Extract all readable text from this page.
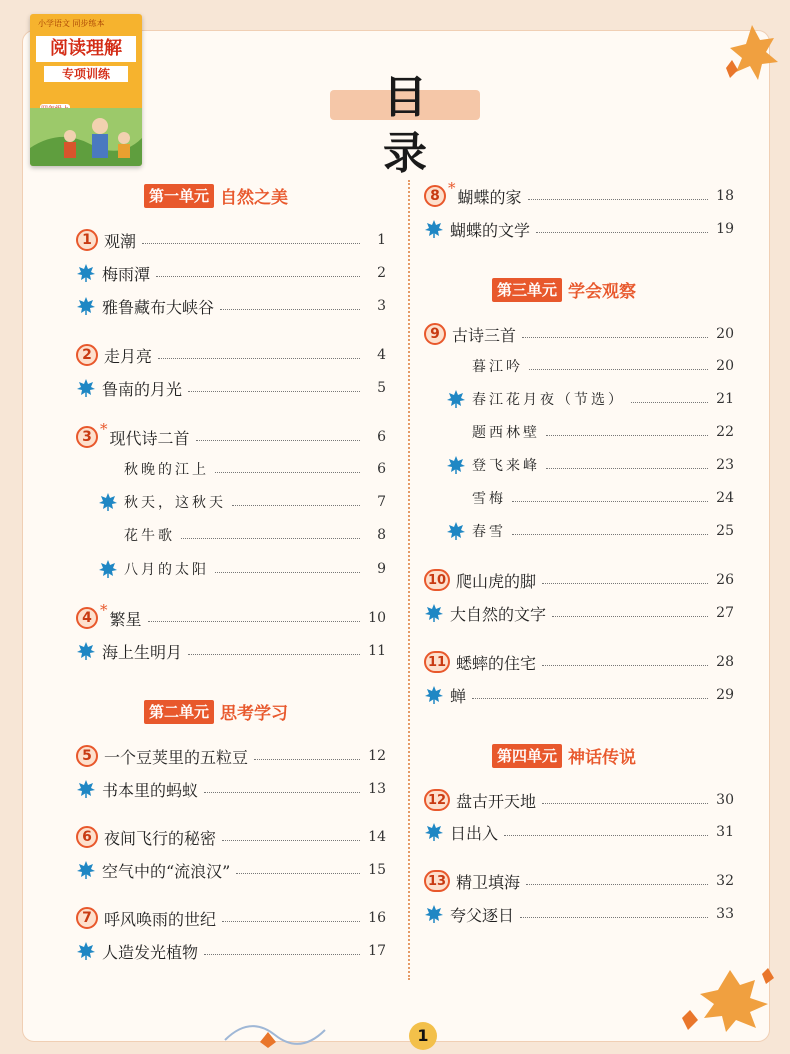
小学语文 同步练本
阅读理解
专项训练	目 录
第一单元 自然之美
第二单元 思考学习
第三单元 学会观察
第四单元 神话传说
1 观潮	1
梅雨潭	2
雅鲁藏布大峡谷	3
2 走月亮	4
鲁南的月光	5
3 * 现代诗二首	6
秋晚的江上	6
秋天，这秋天	7
花牛歌	8
八月的太阳	9
4 * 繁星	10
海上生明月	11
5 一个豆荚里的五粒豆	12
书本里的蚂蚁	13
6 夜间飞行的秘密	14
空气中的“流浪汉”	15
7 呼风唤雨的世纪	16
人造发光植物	17
8 * 蝴蝶的家	18
蝴蝶的文学	19
9 古诗三首	20
暮江吟	20
春江花月夜（节选）	21
题西林壁	22
登飞来峰	23
雪梅	24
春雪	25
10 爬山虎的脚	26
大自然的文字	27
11 蟋蟀的住宅	28
蝉	29
12 盘古开天地	30
日出入	31
13 精卫填海	32
夸父逐日	33
1
